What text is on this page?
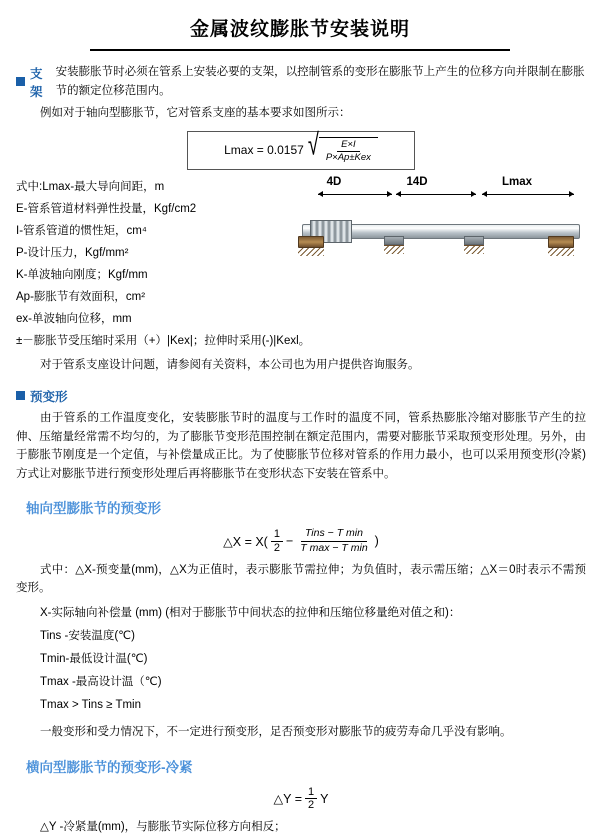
金属波纹膨胀节安装说明
支架
安装膨胀节时必须在管系上安装必要的支架，以控制管系的变形在膨胀节上产生的位移方向并限制在膨胀节的额定位移范围内。

例如对于轴向型膨胀节，它对管系支座的基本要求如图所示：

Lmax = 0.0157 √ $\frac{E\times I}{\text{P×Ap±Kex}}$
4D	14D	Lmax
式中:Lmax-最大导向间距，m
E-管系管道材料弹性投量，Kgf/cm2
I-管系管道的惯性矩，cm⁴
P-设计压力，Kgf/mm²
K-单波轴向刚度；Kgf/mm
Ap-膨胀节有效面积，cm²
ex-单波轴向位移，mm
±－膨胀节受压缩时采用（+）|Kex|；拉伸时采用(-)|Kexl。

对于管系支座设计问题，请参阅有关资料，本公司也为用户提供咨询服务。

预变形

由于管系的工作温度变化，安装膨胀节时的温度与工作时的温度不同，管系热膨胀冷缩对膨胀节产生的拉伸、压缩量经常需不均匀的，为了膨胀节变形范围控制在额定范围内，需要对膨胀节采取预变形处理。另外，由于膨胀节刚度是一个定值，与补偿量成正比。为了使膨胀节位移对管系的作用力最小，也可以采用预变形(冷紧)方式让对膨胀节进行预变形处理后再将膨胀节在变形状态下安装在管系中。

轴向型膨胀节的预变形
△X = $X( \frac{1}{2}$ −
Tins − T min
T max − T min )

式中：△X-预变量(mm)，△X为正值时，表示膨胀节需拉伸；为负值时，表示需压缩；△X＝0时表示不需预变形。

X-实际轴向补偿量 (mm) (相对于膨胀节中间状态的拉伸和压缩位移量绝对值之和)：
Tins -安装温度(℃)
Tmin-最低设计温(℃)
Tmax -最高设计温（℃)
Tmax > Tins ≥ Tmin

一般变形和受力情况下，不一定进行预变形，足否预变形对膨胀节的疲劳寿命几乎没有影响。

横向型膨胀节的预变形-冷紧
△Y = $\frac{1}{2}$ Y

△Y -冷紧量(mm)，与膨胀节实际位移方向相反；
